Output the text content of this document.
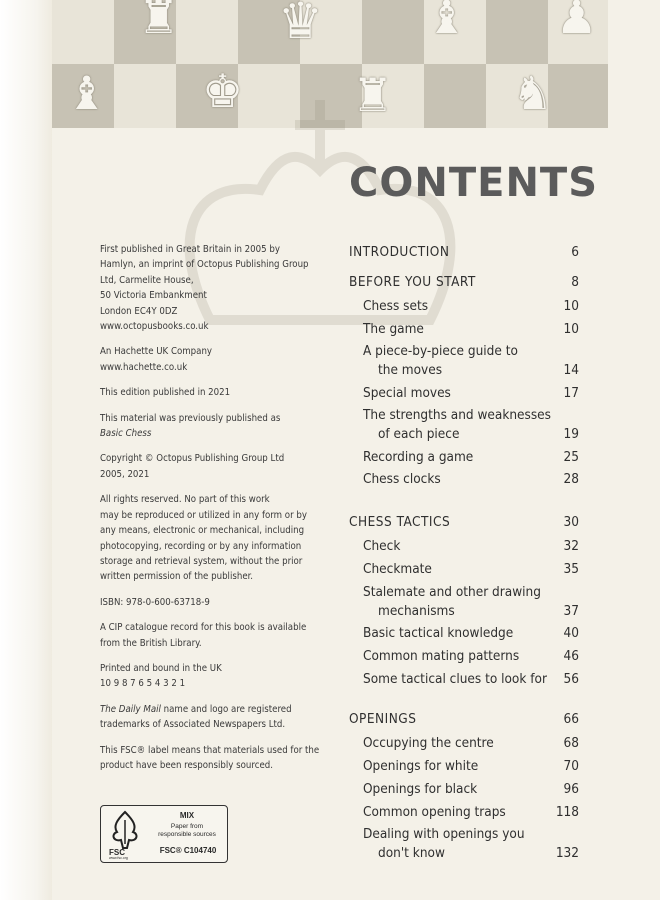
♜ ♛ ♝ ♟
♝ ♚ ♜	♞
CONTENTS

First published in Great Britain in 2005 by
Hamlyn, an imprint of Octopus Publishing Group
Ltd, Carmelite House,
50 Victoria Embankment
London EC4Y 0DZ
www.octopusbooks.co.uk

An Hachette UK Company
www.hachette.co.uk

This edition published in 2021

This material was previously published as
Basic Chess

Copyright © Octopus Publishing Group Ltd
2005, 2021

All rights reserved. No part of this work
may be reproduced or utilized in any form or by
any means, electronic or mechanical, including
photocopying, recording or by any information
storage and retrieval system, without the prior
written permission of the publisher.

ISBN: 978-0-600-63718-9

A CIP catalogue record for this book is available
from the British Library.

Printed and bound in the UK
10 9 8 7 6 5 4 3 2 1

The Daily Mail name and logo are registered
trademarks of Associated Newspapers Ltd.

This FSC® label means that materials used for the
product have been responsibly sourced.

FSC
www.fsc.org
MIX
Paper from
responsible sources
FSC® C104740
INTRODUCTION	6
BEFORE YOU START	8
Chess sets	10
The game	10
A piece-by-piece guide to
the moves	14
Special moves	17
The strengths and weaknesses
of each piece	19
Recording a game	25
Chess clocks	28
CHESS TACTICS	30
Check	32
Checkmate	35
Stalemate and other drawing
mechanisms	37
Basic tactical knowledge	40
Common mating patterns	46
Some tactical clues to look for 56
OPENINGS	66
Occupying the centre	68
Openings for white	70
Openings for black	96
Common opening traps	118
Dealing with openings you
don't know	132
